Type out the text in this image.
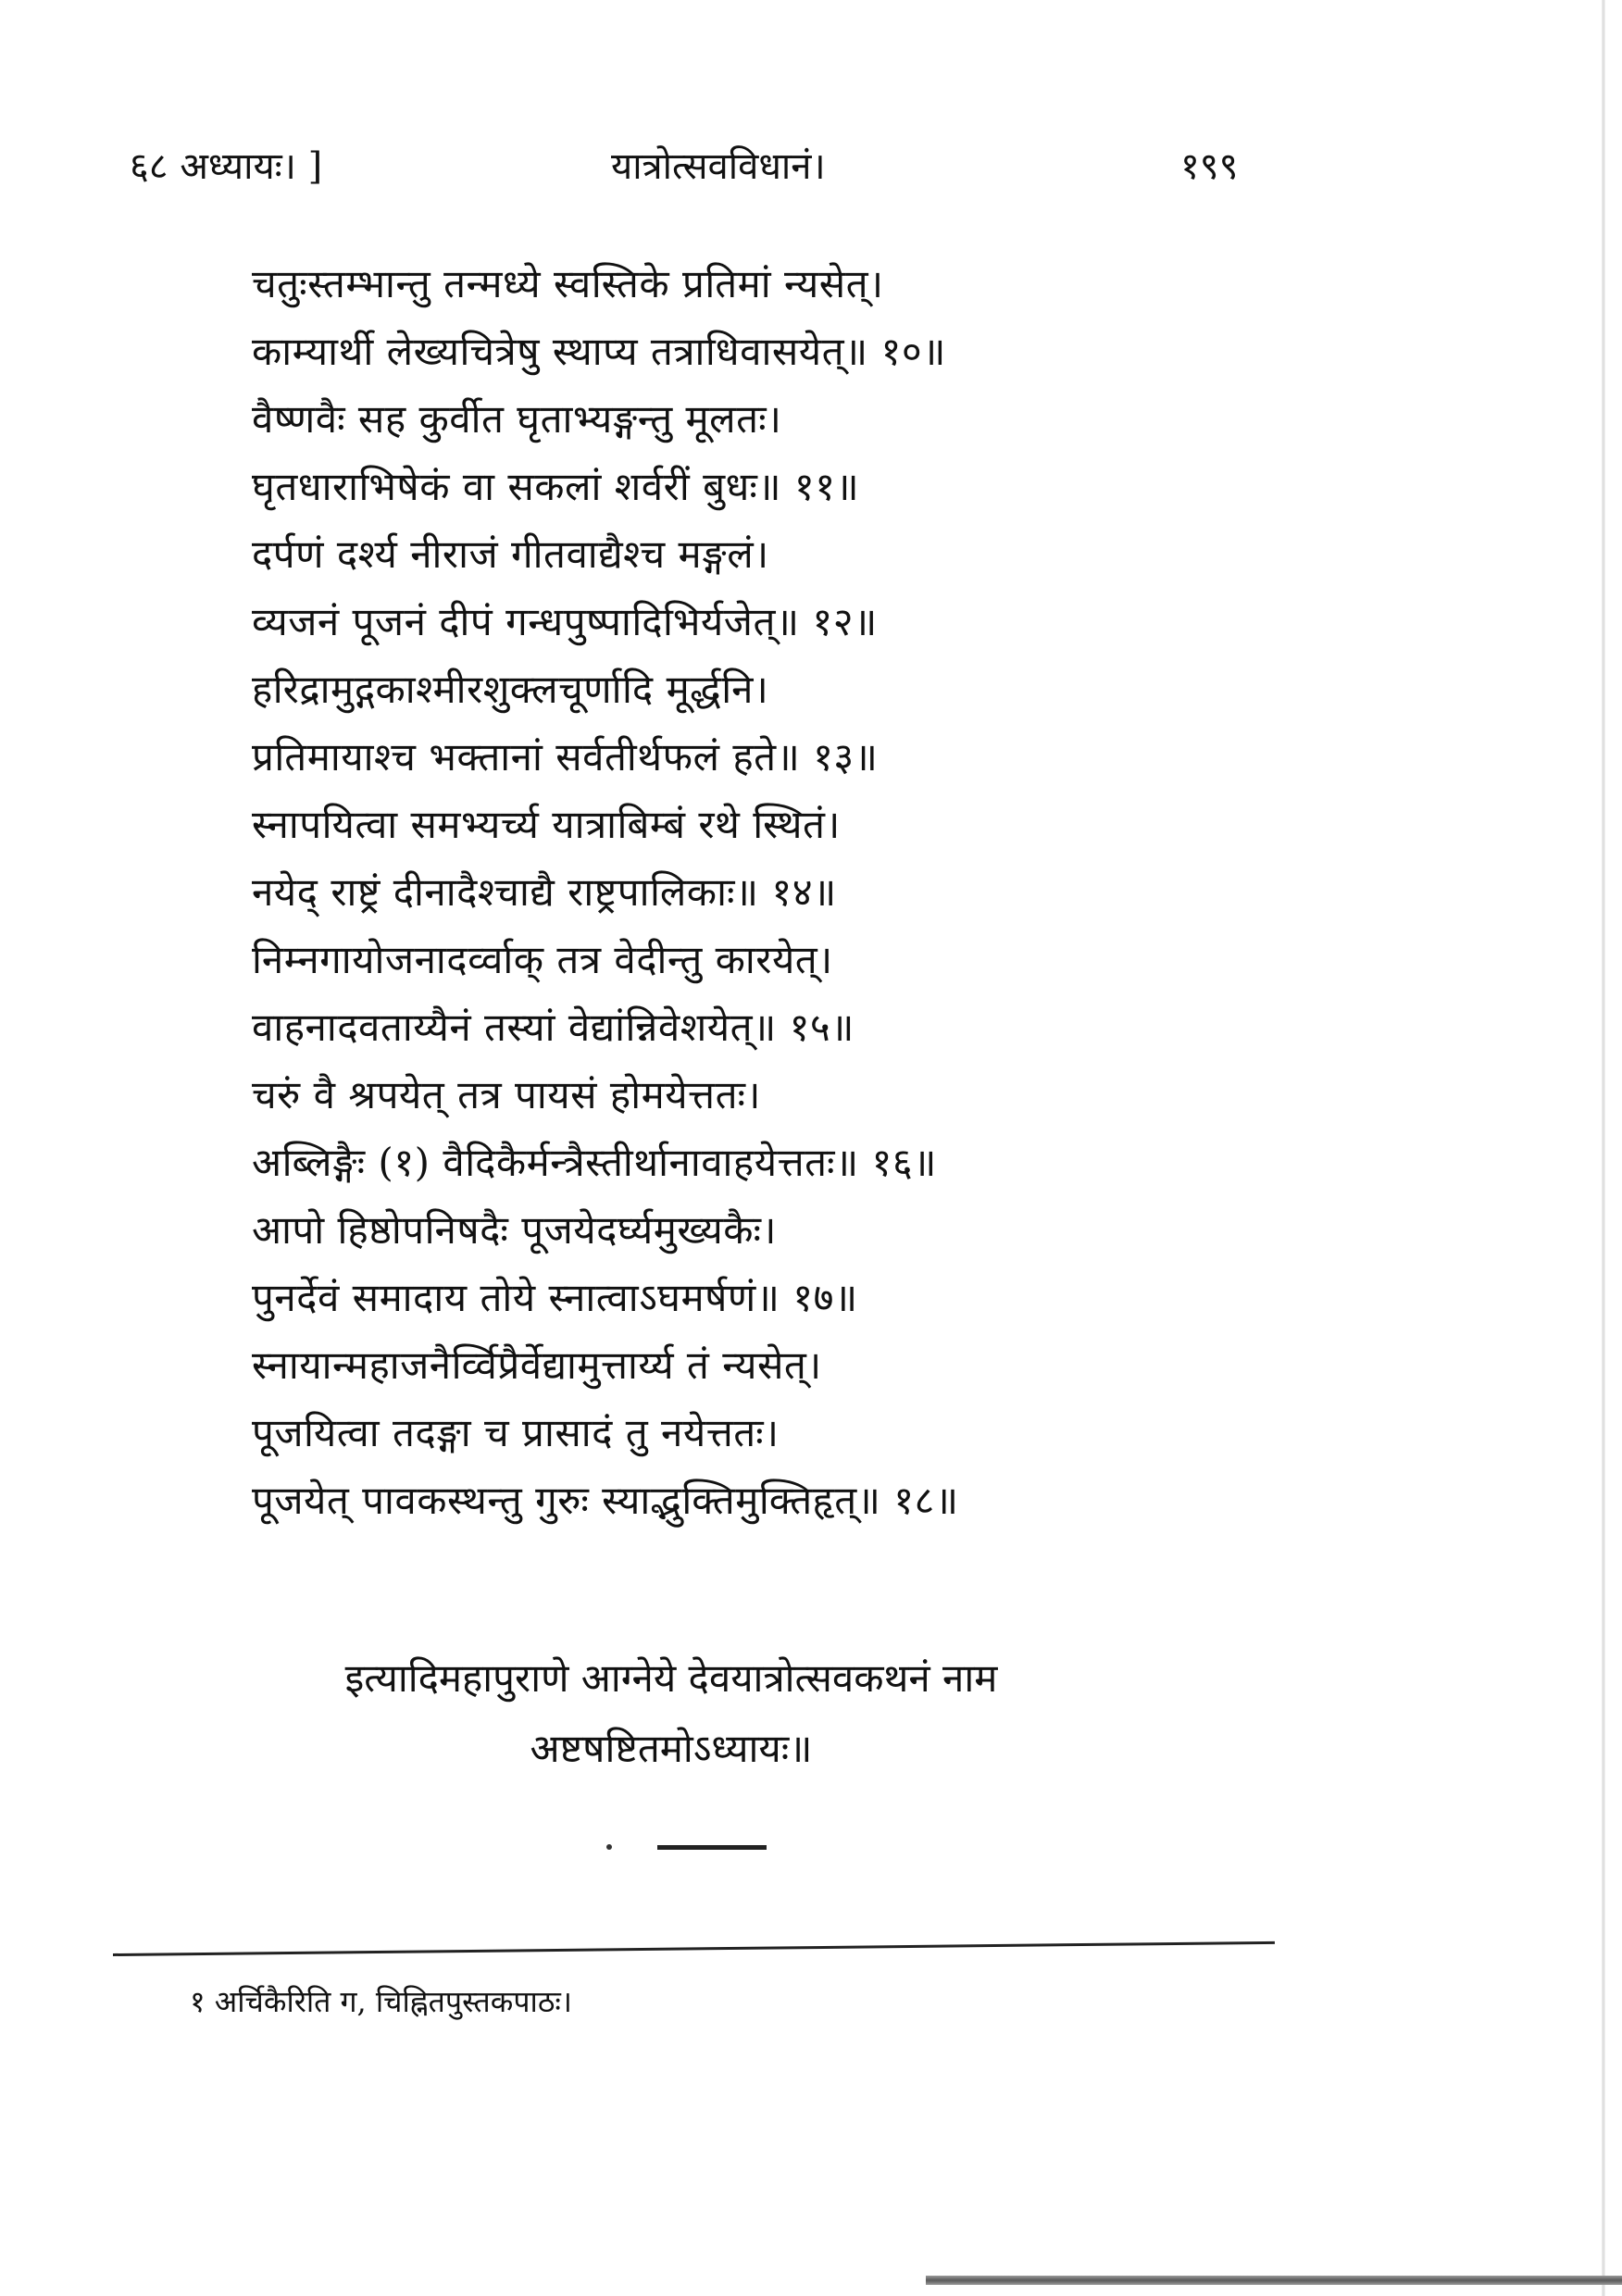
६८ अध्यायः। ]	यात्रोत्सवविधानं।	१९९
चतुःस्तम्भान्तु तन्मध्ये स्वस्तिके प्रतिमां न्यसेत्।
काम्यार्थी लेख्यचित्रेषु स्थाप्य तत्राधिवासयेत्॥ १०॥
वैष्णवैः सह कुर्वीत घृताभ्यङ्गन्तु मूलतः।
घृतधाराभिषेकं वा सकलां शर्वरीं बुधः॥ ११॥
दर्पणं दर्श्य नीराजं गीतवाद्यैश्च मङ्गलं।
व्यजनं पूजनं दीपं गन्धपुष्पादिभिर्यजेत्॥ १२॥
हरिद्रामुद्गकाश्मीरशुक्लचूर्णादि मूर्द्धनि।
प्रतिमायाश्च भक्तानां सर्वतीर्थफलं हते॥ १३॥
स्नापयित्वा समभ्यर्च्य यात्राबिम्बं रथे स्थितं।
नयेद् राष्ट्रं दीनादैश्चाद्यै राष्ट्रपालिकाः॥ १४॥
निम्नगायोजनादर्व्वाक् तत्र वेदीन्तु कारयेत्।
वाहनादवताय्यैनं तस्यां वेद्यांन्निवेशयेत्॥ १५॥
चरुं वै श्रपयेत् तत्र पायसं होमयेत्ततः।
अब्लिङ्गैः (१) वैदिकैर्मन्त्रैस्तीर्थानावाहयेत्ततः॥ १६॥
आपो हिष्ठोपनिषदैः पूजयेदर्घ्यमुख्यकैः।
पुनर्देवं समादाय तोये स्नात्वाऽघमर्षणं॥ १७॥
स्नायान्महाजनैर्व्विप्रैर्वेद्यामुत्तार्य्य तं न्यसेत्।
पूजयित्वा तदङ्गा च प्रासादं तु नयेत्ततः।
पूजयेत् पावकस्थन्तु गुरुः स्याद्भुक्तिमुक्तिहृत्॥ १८॥
इत्यादिमहापुराणे आग्नेये देवयात्रोत्सवकथनं नाम
अष्टषष्टितमोऽध्यायः॥
१ अर्चिकैरिति ग, चिह्नितपुस्तकपाठः।
